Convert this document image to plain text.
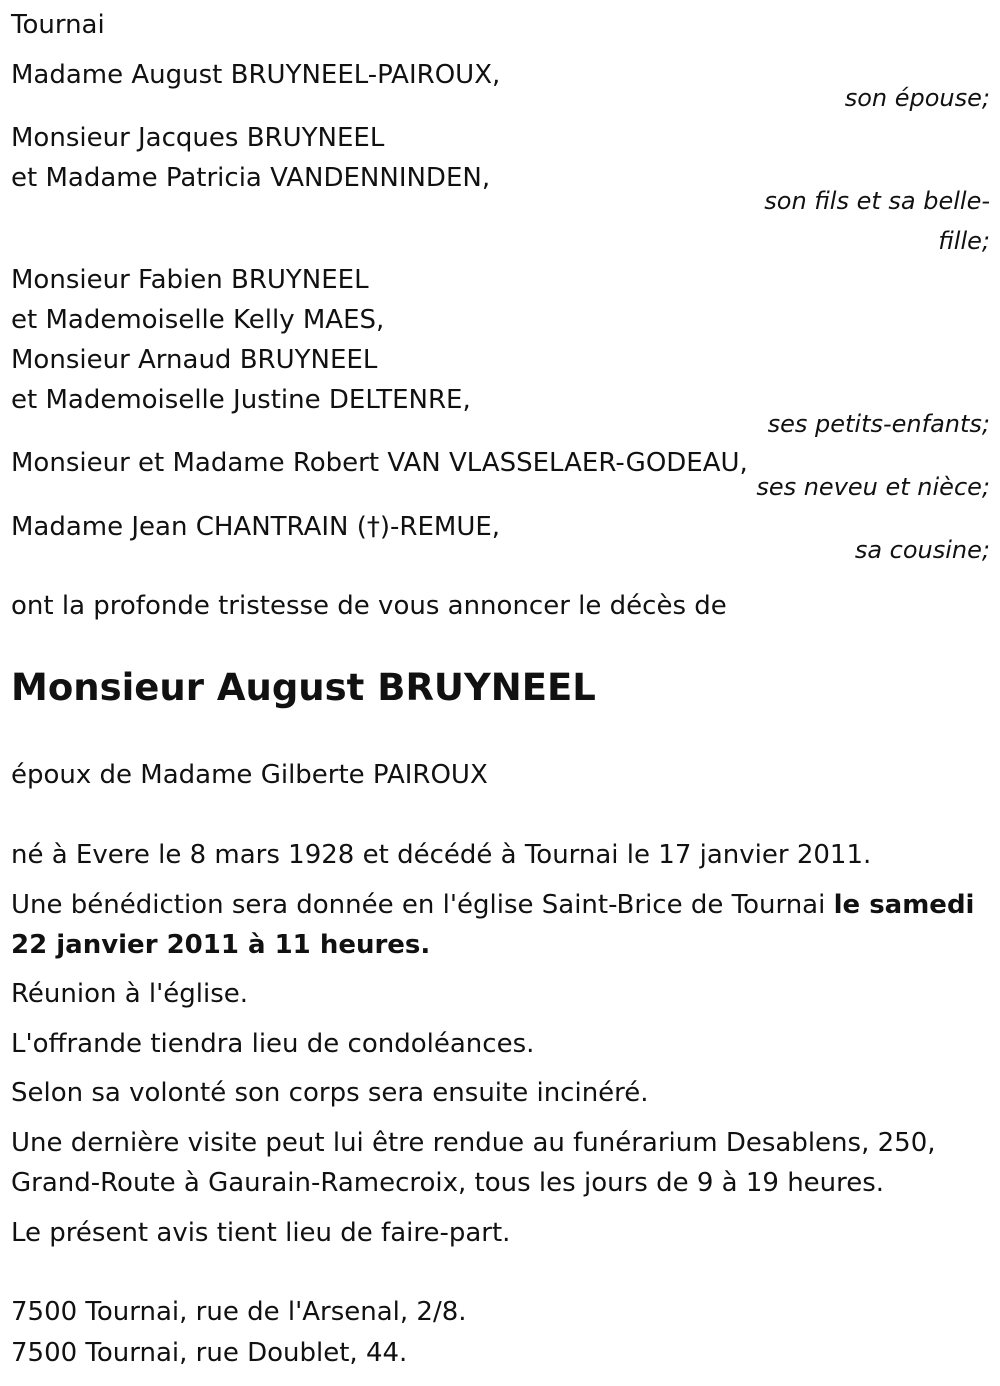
Tournai
Madame August BRUYNEEL-PAIROUX,
son épouse;
Monsieur Jacques BRUYNEEL
et Madame Patricia VANDENNINDEN,
son fils et sa belle-
fille;
Monsieur Fabien BRUYNEEL
et Mademoiselle Kelly MAES,
Monsieur Arnaud BRUYNEEL
et Mademoiselle Justine DELTENRE,
ses petits-enfants;
Monsieur et Madame Robert VAN VLASSELAER-GODEAU,
ses neveu et nièce;
Madame Jean CHANTRAIN (†)-REMUE,
sa cousine;
ont la profonde tristesse de vous annoncer le décès de
Monsieur August BRUYNEEL
époux de Madame Gilberte PAIROUX
né à Evere le 8 mars 1928 et décédé à Tournai le 17 janvier 2011.
Une bénédiction sera donnée en l'église Saint-Brice de Tournai le samedi
22 janvier 2011 à 11 heures.
Réunion à l'église.
L'offrande tiendra lieu de condoléances.
Selon sa volonté son corps sera ensuite incinéré.
Une dernière visite peut lui être rendue au funérarium Desablens, 250,
Grand-Route à Gaurain-Ramecroix, tous les jours de 9 à 19 heures.
Le présent avis tient lieu de faire-part.
7500 Tournai, rue de l'Arsenal, 2/8.
7500 Tournai, rue Doublet, 44.
